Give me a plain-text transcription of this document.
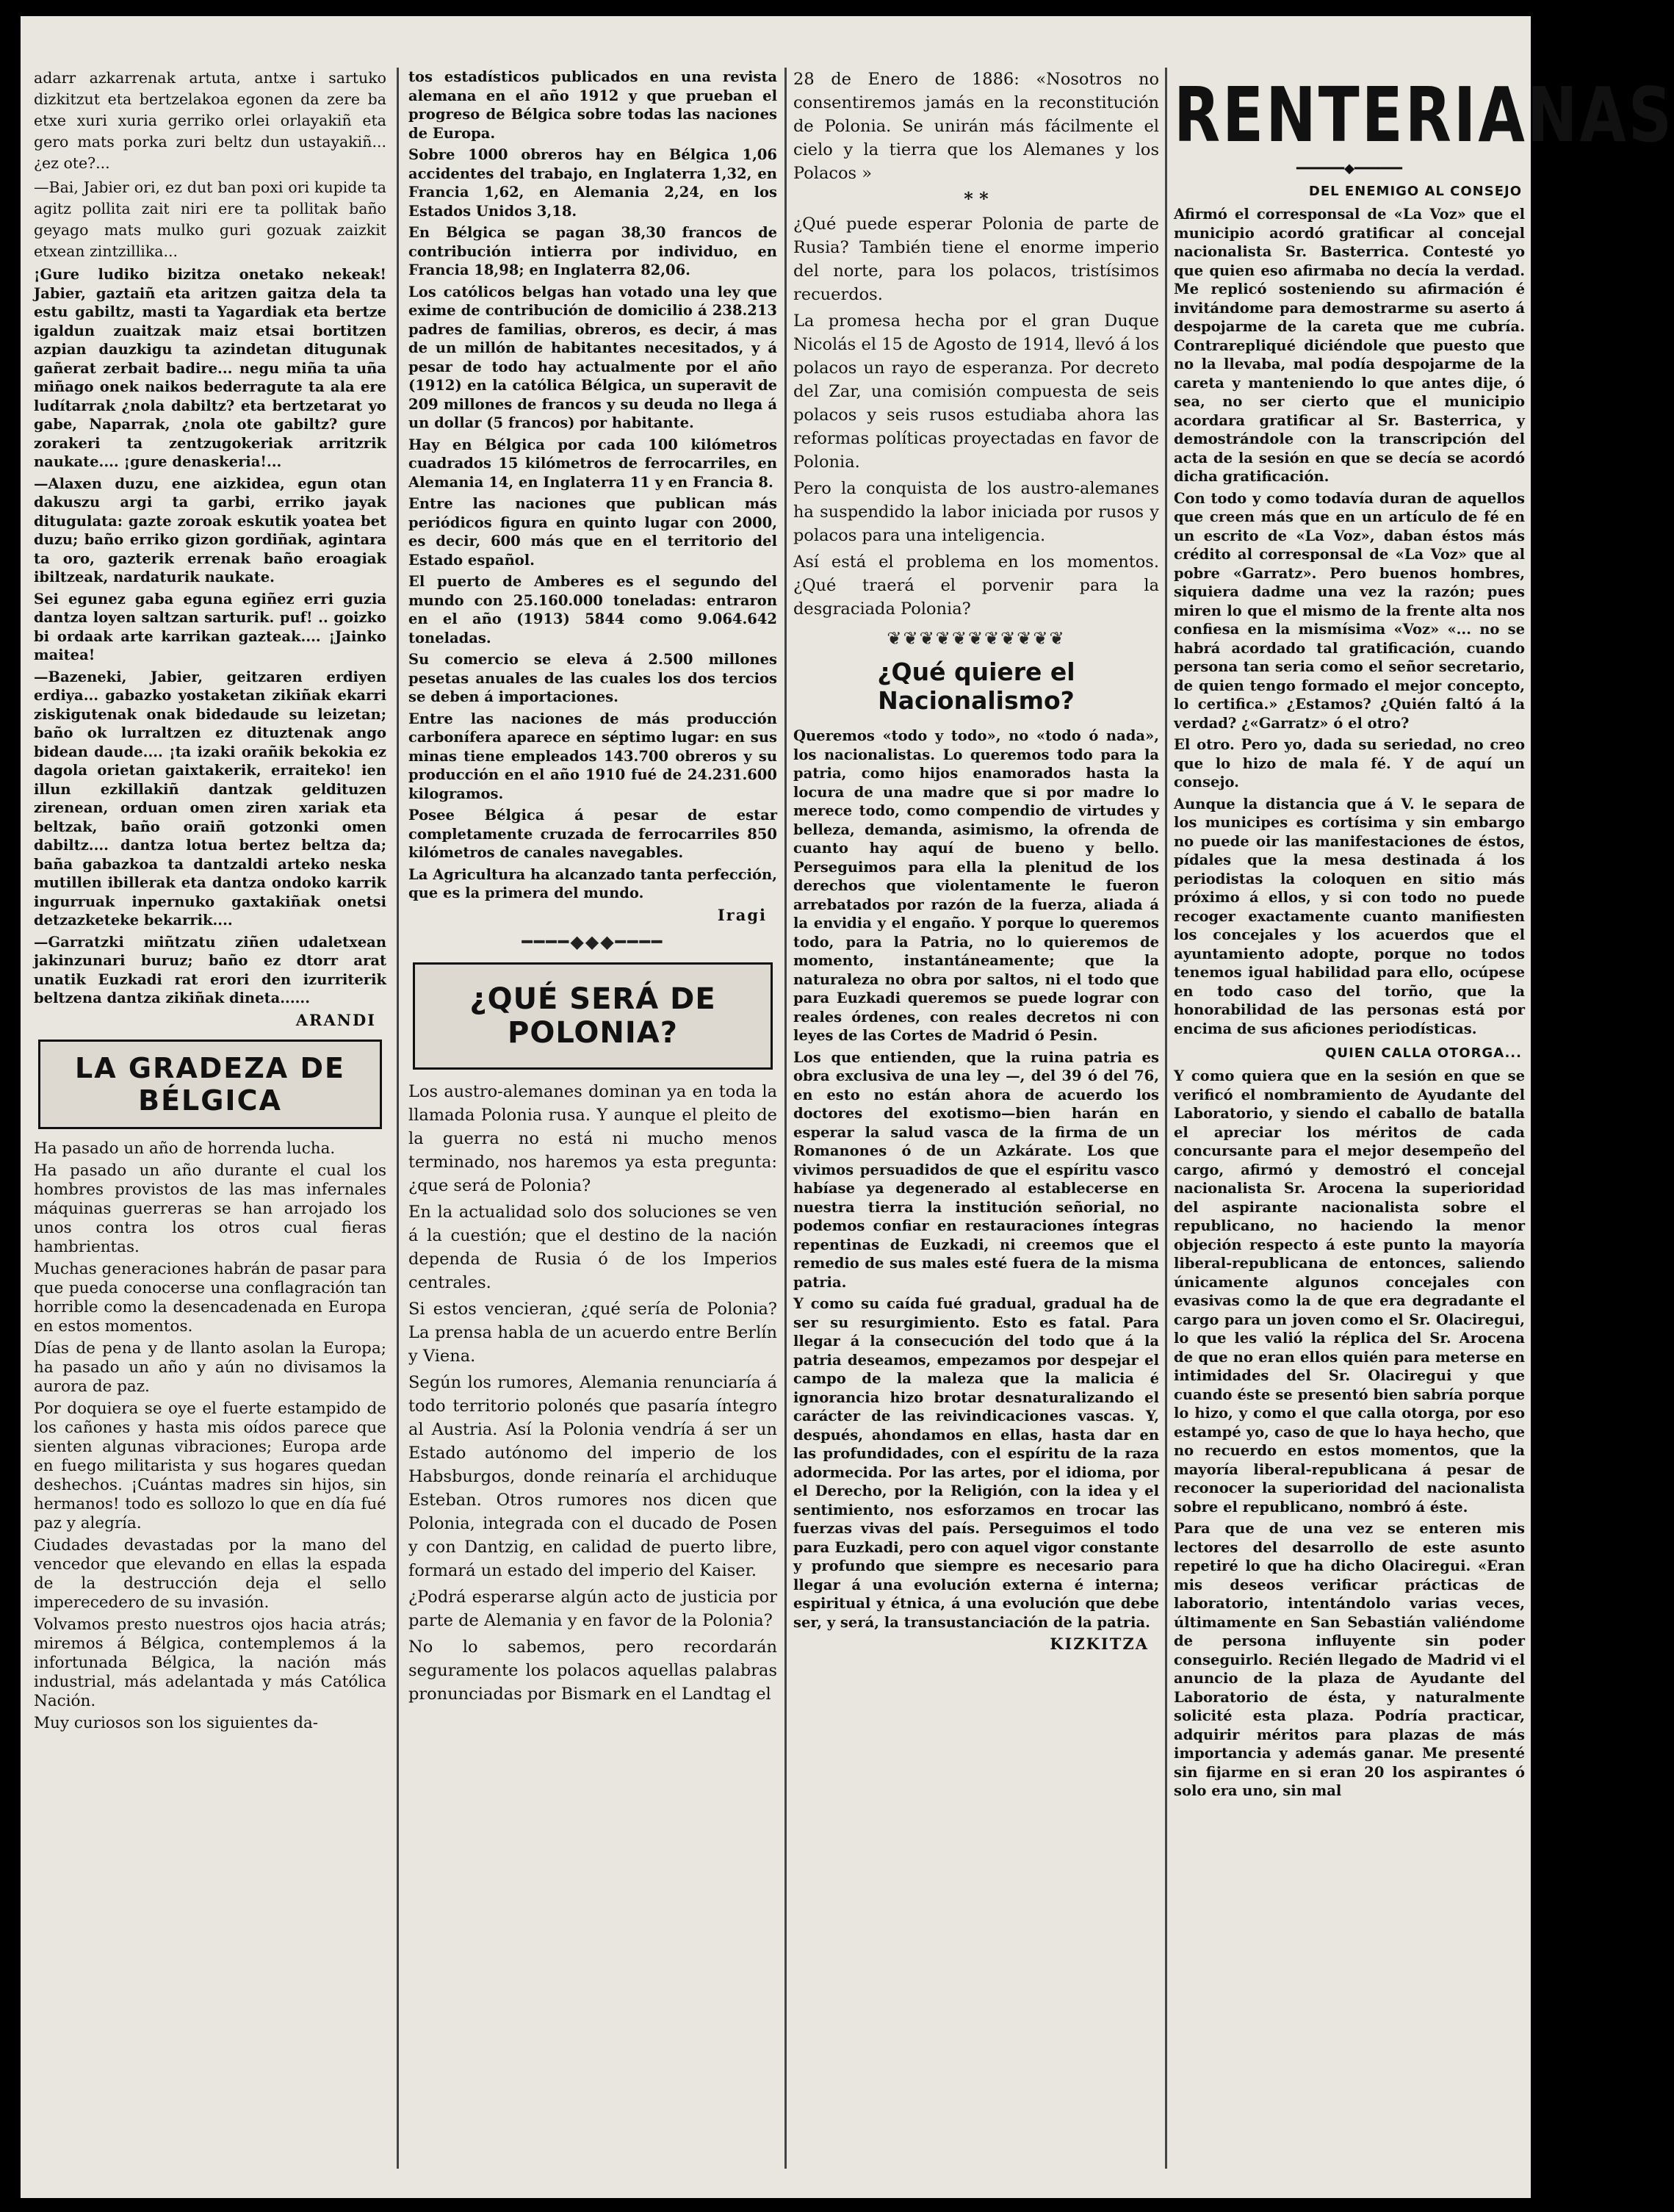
adarr azkarrenak artuta, antxe i sartuko dizkitzut eta bertzelakoa egonen da zere ba etxe xuri xuria gerriko orlei orlayakiñ eta gero mats porka zuri beltz dun ustayakiñ... ¿ez ote?...

—Bai, Jabier ori, ez dut ban poxi ori kupide ta agitz pollita zait niri ere ta pollitak baño geyago mats mulko guri gozuak zaizkit etxean zintzillika...

¡Gure ludiko bizitza onetako nekeak! Jabier, gaztaiñ eta aritzen gaitza dela ta estu gabiltz, masti ta Yagardiak eta bertze igaldun zuaitzak maiz etsai bortitzen azpian dauzkigu ta azindetan ditugunak gañerat zerbait badire... negu miña ta uña miñago onek naikos bederragute ta ala ere ludítarrak ¿nola dabiltz? eta bertzetarat yo gabe, Naparrak, ¿nola ote gabiltz? gure zorakeri ta zentzugokeriak arritzrik naukate.... ¡gure denaskeria!...

—Alaxen duzu, ene aizkidea, egun otan dakuszu argi ta garbi, erriko jayak ditugulata: gazte zoroak eskutik yoatea bet duzu; baño erriko gizon gordiñak, agintara ta oro, gazterik errenak baño eroagiak ibiltzeak, nardaturik naukate.

Sei egunez gaba eguna egiñez erri guzia dantza loyen saltzan sarturik. puf! .. goizko bi ordaak arte karrikan gazteak.... ¡Jainko maitea!

—Bazeneki, Jabier, geitzaren erdiyen erdiya... gabazko yostaketan zikiñak ekarri ziskigutenak onak bidedaude su leizetan; baño ok lurraltzen ez dituztenak ango bidean daude.... ¡ta izaki orañik bekokia ez dagola orietan gaixtakerik, erraiteko! ien illun ezkillakiñ dantzak geldituzen zirenean, orduan omen ziren xariak eta beltzak, baño oraiñ gotzonki omen dabiltz.... dantza lotua bertez beltza da; baña gabazkoa ta dantzaldi arteko neska mutillen ibillerak eta dantza ondoko karrik ingurruak inpernuko gaxtakiñak onetsi detzazketeke bekarrik....

—Garratzki miñtzatu ziñen udaletxean jakinzunari buruz; baño ez dtorr arat unatik Euzkadi rat erori den izurriterik beltzena dantza zikiñak dineta......

ARANDI
LA GRADEZA DE BÉLGICA

Ha pasado un año de horrenda lucha.

Ha pasado un año durante el cual los hombres provistos de las mas infernales máquinas guerreras se han arrojado los unos contra los otros cual fieras hambrientas.

Muchas generaciones habrán de pasar para que pueda conocerse una conflagración tan horrible como la desencadenada en Europa en estos momentos.

Días de pena y de llanto asolan la Europa; ha pasado un año y aún no divisamos la aurora de paz.

Por doquiera se oye el fuerte estampido de los cañones y hasta mis oídos parece que sienten algunas vibraciones; Europa arde en fuego militarista y sus hogares quedan deshechos. ¡Cuántas madres sin hijos, sin hermanos! todo es sollozo lo que en día fué paz y alegría.

Ciudades devastadas por la mano del vencedor que elevando en ellas la espada de la destrucción deja el sello imperecedero de su invasión.

Volvamos presto nuestros ojos hacia atrás; miremos á Bélgica, contemplemos á la infortunada Bélgica, la nación más industrial, más adelantada y más Católica Nación.

Muy curiosos son los siguientes da-

tos estadísticos publicados en una revista alemana en el año 1912 y que prueban el progreso de Bélgica sobre todas las naciones de Europa.

Sobre 1000 obreros hay en Bélgica 1,06 accidentes del trabajo, en Inglaterra 1,32, en Francia 1,62, en Alemania 2,24, en los Estados Unidos 3,18.

En Bélgica se pagan 38,30 francos de contribución intierra por individuo, en Francia 18,98; en Inglaterra 82,06.

Los católicos belgas han votado una ley que exime de contribución de domicilio á 238.213 padres de familias, obreros, es decir, á mas de un millón de habitantes necesitados, y á pesar de todo hay actualmente por el año (1912) en la católica Bélgica, un superavit de 209 millones de francos y su deuda no llega á un dollar (5 francos) por habitante.

Hay en Bélgica por cada 100 kilómetros cuadrados 15 kilómetros de ferrocarriles, en Alemania 14, en Inglaterra 11 y en Francia 8.

Entre las naciones que publican más periódicos figura en quinto lugar con 2000, es decir, 600 más que en el territorio del Estado español.

El puerto de Amberes es el segundo del mundo con 25.160.000 toneladas: entraron en el año (1913) 5844 como 9.064.642 toneladas.

Su comercio se eleva á 2.500 millones pesetas anuales de las cuales los dos tercios se deben á importaciones.

Entre las naciones de más producción carbonífera aparece en séptimo lugar: en sus minas tiene empleados 143.700 obreros y su producción en el año 1910 fué de 24.231.600 kilogramos.

Posee Bélgica á pesar de estar completamente cruzada de ferrocarriles 850 kilómetros de canales navegables.

La Agricultura ha alcanzado tanta perfección, que es la primera del mundo.

Iragi
━━━━◆◆◆━━━━
¿QUÉ SERÁ DE POLONIA?

Los austro-alemanes dominan ya en toda la llamada Polonia rusa. Y aunque el pleito de la guerra no está ni mucho menos terminado, nos haremos ya esta pregunta: ¿que será de Polonia?

En la actualidad solo dos soluciones se ven á la cuestión; que el destino de la nación dependa de Rusia ó de los Imperios centrales.

Si estos vencieran, ¿qué sería de Polonia? La prensa habla de un acuerdo entre Berlín y Viena.

Según los rumores, Alemania renunciaría á todo territorio polonés que pasaría íntegro al Austria. Así la Polonia vendría á ser un Estado autónomo del imperio de los Habsburgos, donde reinaría el archiduque Esteban. Otros rumores nos dicen que Polonia, integrada con el ducado de Posen y con Dantzig, en calidad de puerto libre, formará un estado del imperio del Kaiser.

¿Podrá esperarse algún acto de justicia por parte de Alemania y en favor de la Polonia?

No lo sabemos, pero recordarán seguramente los polacos aquellas palabras pronunciadas por Bismark en el Landtag el

28 de Enero de 1886: «Nosotros no consentiremos jamás en la reconstitución de Polonia. Se unirán más fácilmente el cielo y la tierra que los Alemanes y los Polacos »

* *

¿Qué puede esperar Polonia de parte de Rusia? También tiene el enorme imperio del norte, para los polacos, tristísimos recuerdos.

La promesa hecha por el gran Duque Nicolás el 15 de Agosto de 1914, llevó á los polacos un rayo de esperanza. Por decreto del Zar, una comisión compuesta de seis polacos y seis rusos estudiaba ahora las reformas políticas proyectadas en favor de Polonia.

Pero la conquista de los austro-alemanes ha suspendido la labor iniciada por rusos y polacos para una inteligencia.

Así está el problema en los momentos. ¿Qué traerá el porvenir para la desgraciada Polonia?

❦❦❦❦❦❦❦❦❦❦❦
¿Qué quiere el Nacionalismo?

Queremos «todo y todo», no «todo ó nada», los nacionalistas. Lo queremos todo para la patria, como hijos enamorados hasta la locura de una madre que si por madre lo merece todo, como compendio de virtudes y belleza, demanda, asimismo, la ofrenda de cuanto hay aquí de bueno y bello. Perseguimos para ella la plenitud de los derechos que violentamente le fueron arrebatados por razón de la fuerza, aliada á la envidia y el engaño. Y porque lo queremos todo, para la Patria, no lo quieremos de momento, instantáneamente; que la naturaleza no obra por saltos, ni el todo que para Euzkadi queremos se puede lograr con reales órdenes, con reales decretos ni con leyes de las Cortes de Madrid ó Pesin.

Los que entienden, que la ruina patria es obra exclusiva de una ley —, del 39 ó del 76, en esto no están ahora de acuerdo los doctores del exotismo—bien harán en esperar la salud vasca de la firma de un Romanones ó de un Azkárate. Los que vivimos persuadidos de que el espíritu vasco habíase ya degenerado al establecerse en nuestra tierra la institución señorial, no podemos confiar en restauraciones íntegras repentinas de Euzkadi, ni creemos que el remedio de sus males esté fuera de la misma patria.

Y como su caída fué gradual, gradual ha de ser su resurgimiento. Esto es fatal. Para llegar á la consecución del todo que á la patria deseamos, empezamos por despejar el campo de la maleza que la malicia é ignorancia hizo brotar desnaturalizando el carácter de las reivindicaciones vascas. Y, después, ahondamos en ellas, hasta dar en las profundidades, con el espíritu de la raza adormecida. Por las artes, por el idioma, por el Derecho, por la Religión, con la idea y el sentimiento, nos esforzamos en trocar las fuerzas vivas del país. Perseguimos el todo para Euzkadi, pero con aquel vigor constante y profundo que siempre es necesario para llegar á una evolución externa é interna; espiritual y étnica, á una evolución que debe ser, y será, la transustanciación de la patria.

KIZKITZA
RENTERIANAS
━━━━━━◆━━━━━━
DEL ENEMIGO AL CONSEJO

Afirmó el corresponsal de «La Voz» que el municipio acordó gratificar al concejal nacionalista Sr. Basterrica. Contesté yo que quien eso afirmaba no decía la verdad. Me replicó sosteniendo su afirmación é invitándome para demostrarme su aserto á despojarme de la careta que me cubría. Contrarepliqué diciéndole que puesto que no la llevaba, mal podía despojarme de la careta y manteniendo lo que antes dije, ó sea, no ser cierto que el municipio acordara gratificar al Sr. Basterrica, y demostrándole con la transcripción del acta de la sesión en que se decía se acordó dicha gratificación.

Con todo y como todavía duran de aquellos que creen más que en un artículo de fé en un escrito de «La Voz», daban éstos más crédito al corresponsal de «La Voz» que al pobre «Garratz». Pero buenos hombres, siquiera dadme una vez la razón; pues miren lo que el mismo de la frente alta nos confiesa en la mismísima «Voz» «... no se habrá acordado tal gratificación, cuando persona tan seria como el señor secretario, de quien tengo formado el mejor concepto, lo certifica.» ¿Estamos? ¿Quién faltó á la verdad? ¿«Garratz» ó el otro?

El otro. Pero yo, dada su seriedad, no creo que lo hizo de mala fé. Y de aquí un consejo.

Aunque la distancia que á V. le separa de los municipes es cortísima y sin embargo no puede oir las manifestaciones de éstos, pídales que la mesa destinada á los periodistas la coloquen en sitio más próximo á ellos, y si con todo no puede recoger exactamente cuanto manifiesten los concejales y los acuerdos que el ayuntamiento adopte, porque no todos tenemos igual habilidad para ello, ocúpese en todo caso del torño, que la honorabilidad de las personas está por encima de sus aficiones periodísticas.

QUIEN CALLA OTORGA...

Y como quiera que en la sesión en que se verificó el nombramiento de Ayudante del Laboratorio, y siendo el caballo de batalla el apreciar los méritos de cada concursante para el mejor desempeño del cargo, afirmó y demostró el concejal nacionalista Sr. Arocena la superioridad del aspirante nacionalista sobre el republicano, no haciendo la menor objeción respecto á este punto la mayoría liberal-republicana de entonces, saliendo únicamente algunos concejales con evasivas como la de que era degradante el cargo para un joven como el Sr. Olaciregui, lo que les valió la réplica del Sr. Arocena de que no eran ellos quién para meterse en intimidades del Sr. Olaciregui y que cuando éste se presentó bien sabría porque lo hizo, y como el que calla otorga, por eso estampé yo, caso de que lo haya hecho, que no recuerdo en estos momentos, que la mayoría liberal-republicana á pesar de reconocer la superioridad del nacionalista sobre el republicano, nombró á éste.

Para que de una vez se enteren mis lectores del desarrollo de este asunto repetiré lo que ha dicho Olaciregui. «Eran mis deseos verificar prácticas de laboratorio, intentándolo varias veces, últimamente en San Sebastián valiéndome de persona influyente sin poder conseguirlo. Recién llegado de Madrid vi el anuncio de la plaza de Ayudante del Laboratorio de ésta, y naturalmente solicité esta plaza. Podría practicar, adquirir méritos para plazas de más importancia y además ganar. Me presenté sin fijarme en si eran 20 los aspirantes ó solo era uno, sin mal
